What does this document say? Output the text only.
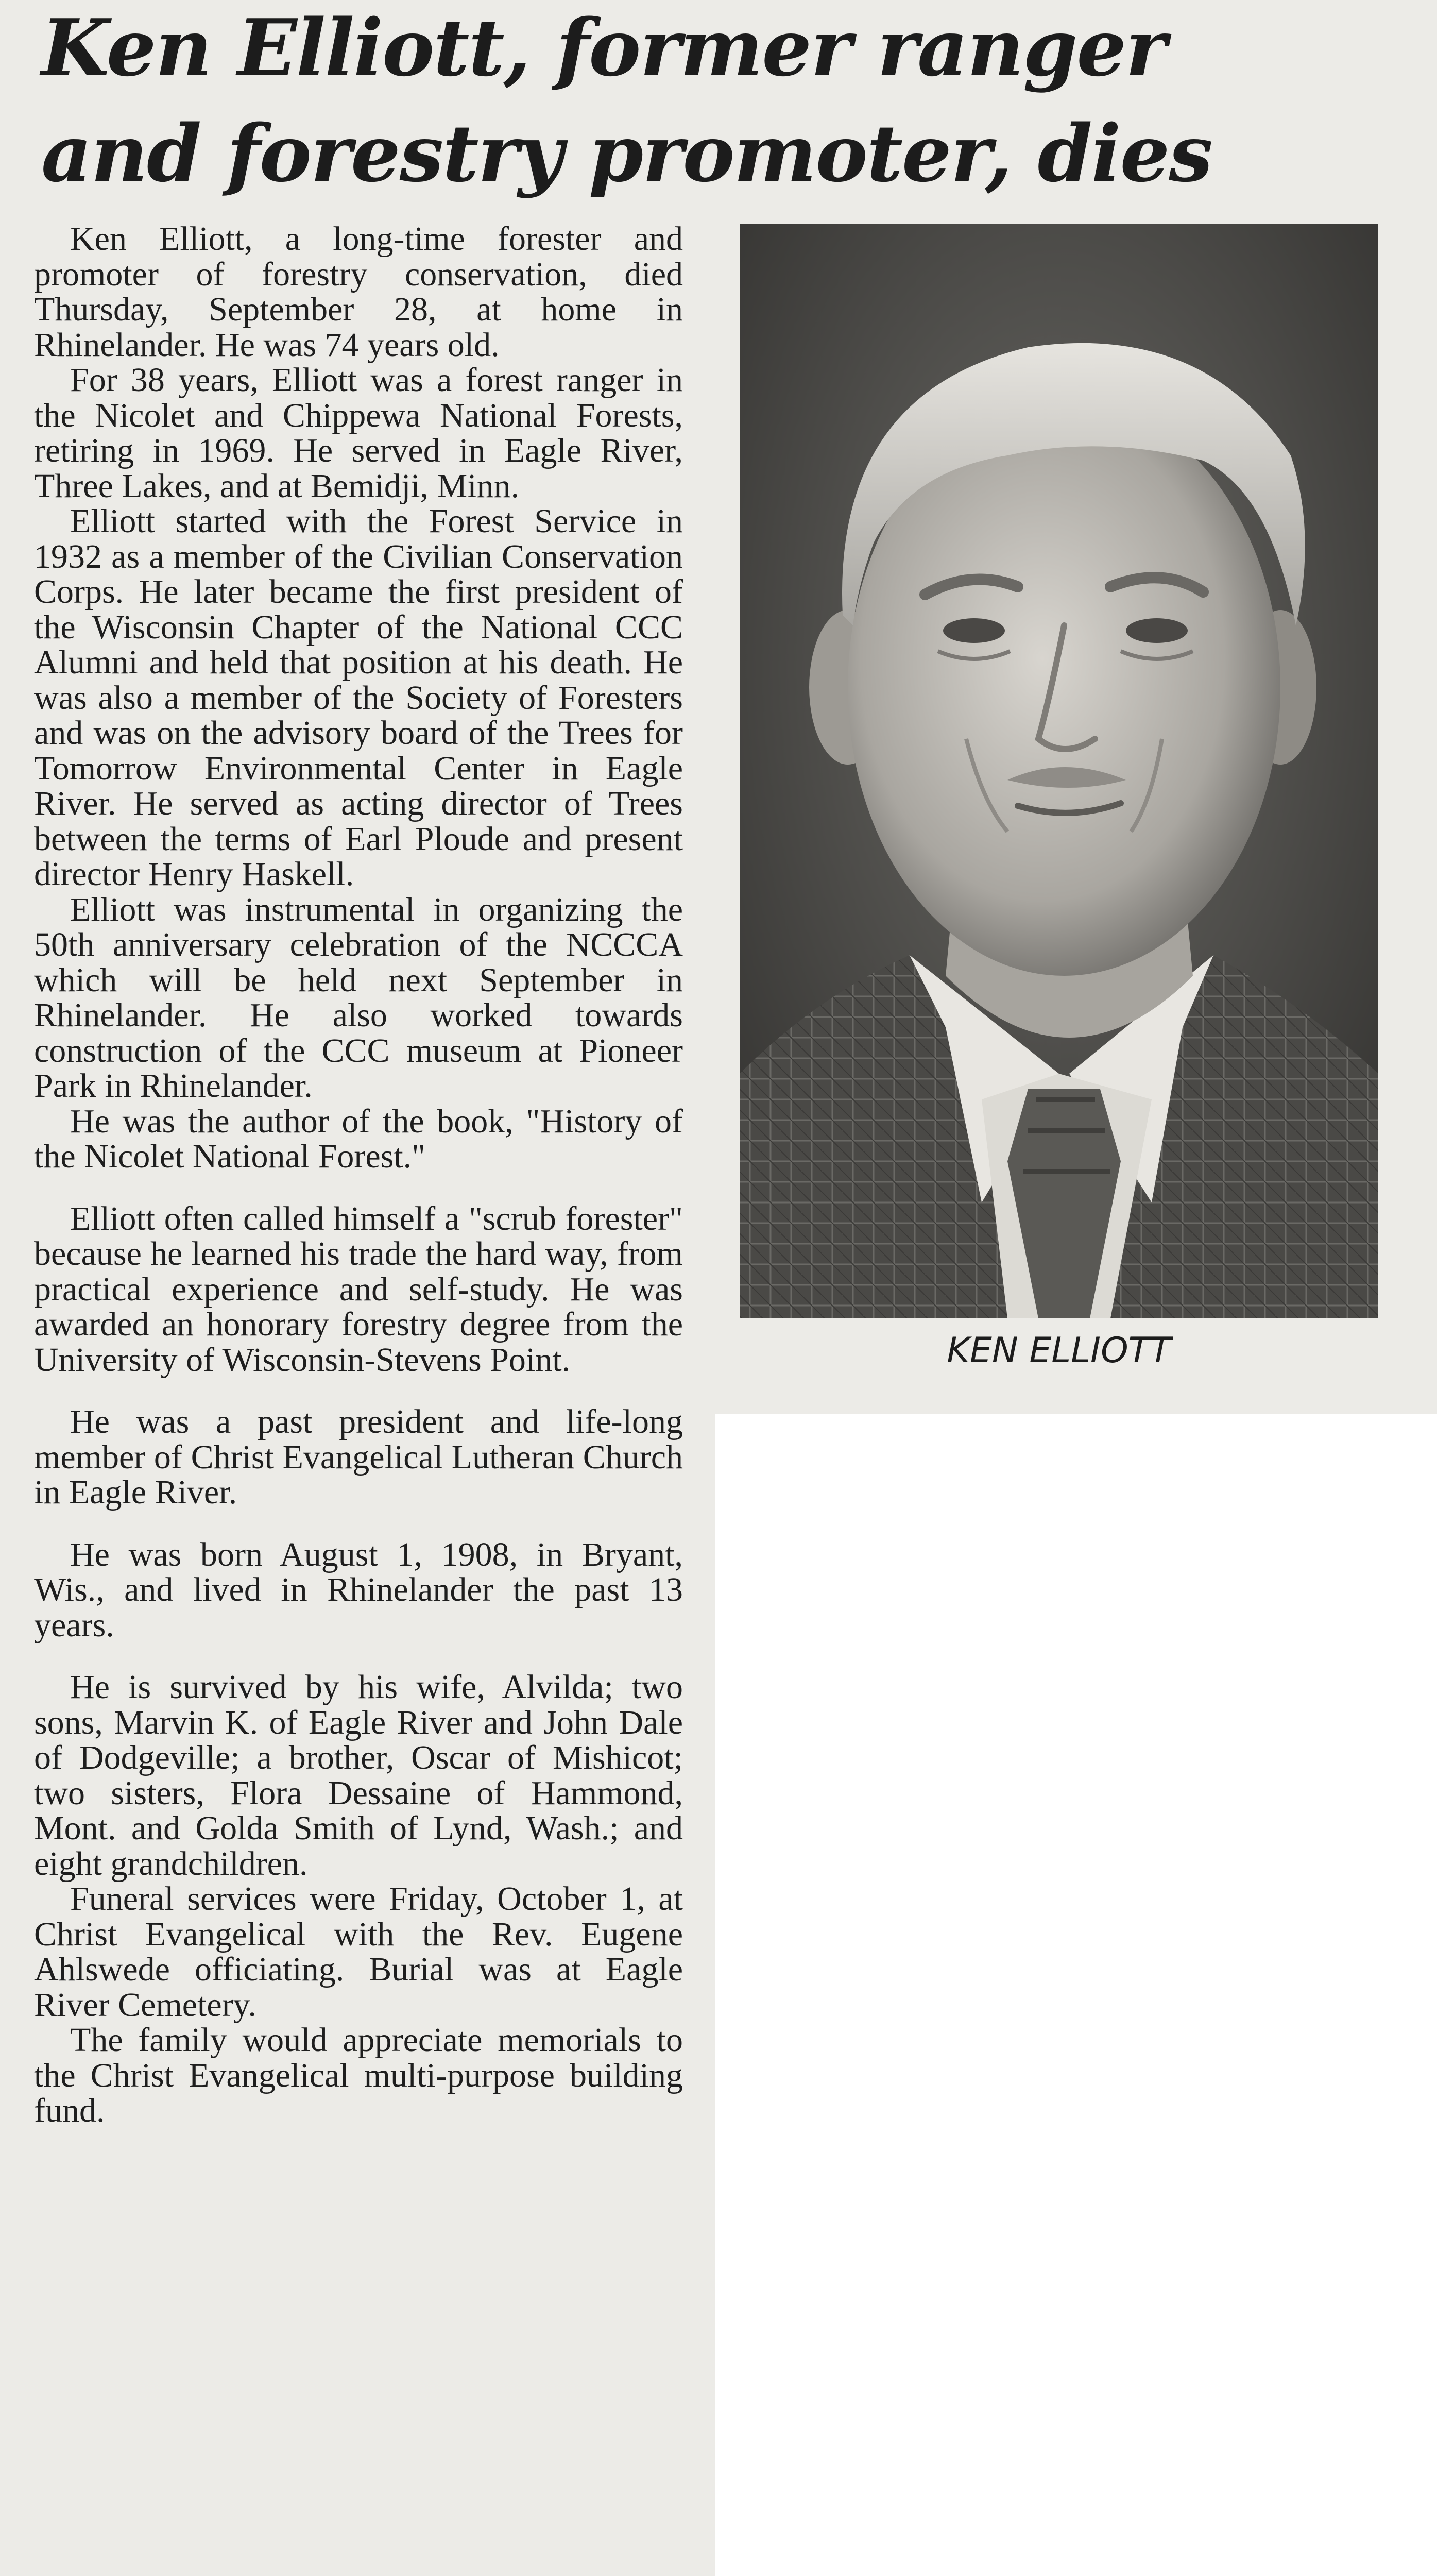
Ken Elliott, former ranger
and forestry promoter, dies
KEN ELLIOTT

Ken Elliott, a long-time forester and promoter of forestry conservation, died Thursday, September 28, at home in Rhinelander. He was 74 years old.

For 38 years, Elliott was a forest ranger in the Nicolet and Chippewa National Forests, retiring in 1969. He served in Eagle River, Three Lakes, and at Bemidji, Minn.

Elliott started with the Forest Service in 1932 as a member of the Civilian Conservation Corps. He later became the first president of the Wisconsin Chapter of the National CCC Alumni and held that position at his death. He was also a member of the Society of Foresters and was on the advisory board of the Trees for Tomorrow Environmental Center in Eagle River. He served as acting director of Trees between the terms of Earl Ploude and present director Henry Haskell.

Elliott was instrumental in organizing the 50th anniversary celebration of the NCCCA which will be held next September in Rhinelander. He also worked towards construction of the CCC museum at Pioneer Park in Rhinelander.

He was the author of the book, "History of the Nicolet National Forest."

Elliott often called himself a "scrub forester" because he learned his trade the hard way, from practical experience and self-study. He was awarded an honorary forestry degree from the University of Wisconsin-Stevens Point.

He was a past president and life-long member of Christ Evangelical Lutheran Church in Eagle River.

He was born August 1, 1908, in Bryant, Wis., and lived in Rhinelander the past 13 years.

He is survived by his wife, Alvilda; two sons, Marvin K. of Eagle River and John Dale of Dodgeville; a brother, Oscar of Mishicot; two sisters, Flora Dessaine of Hammond, Mont. and Golda Smith of Lynd, Wash.; and eight grandchildren.

Funeral services were Friday, October 1, at Christ Evangelical with the Rev. Eugene Ahlswede officiating. Burial was at Eagle River Cemetery.

The family would appreciate memorials to the Christ Evangelical multi-purpose building fund.
